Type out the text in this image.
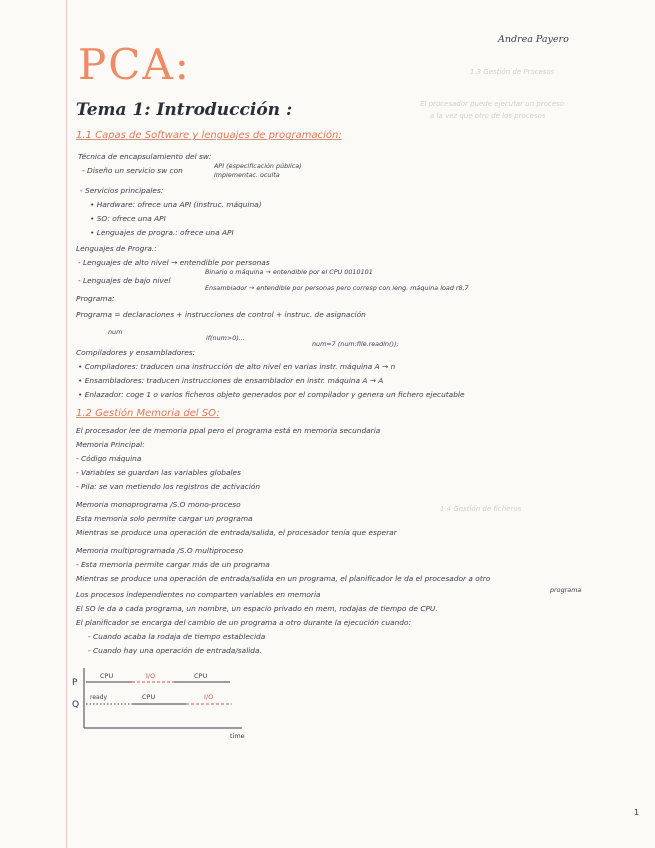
1.3 Gestión de Procesos
El procesador puede ejecutar un proceso
a la vez que otro de los procesos
1.4 Gestión de ficheros
Andrea Payero
PCA:
Tema 1: Introducción :
1.1 Capas de Software y lenguajes de programación:
Técnica de encapsulamiento del sw:
- Diseño un servicio sw con	API (especificación pública)
implementac. oculta
- Servicios principales:
• Hardware: ofrece una API (instruc. máquina)
• SO: ofrece una API
• Lenguajes de progra.: ofrece una API
Lenguajes de Progra.:
- Lenguajes de alto nivel → entendible por personas
- Lenguajes de bajo nivel
Binario o máquina → entendible por el CPU 0010101
Ensamblador → entendible por personas pero corresp con leng. máquina load r8,7
Programa:
Programa = declaraciones + instrucciones de control + instruc. de asignación
num
if(num>0)...
num=7 (num:file.readln());
Compiladores y ensambladores:
• Compiladores: traducen una instrucción de alto nivel en varias instr. máquina A → n
• Ensambladores: traducen instrucciones de ensamblador en instr. máquina A → A
• Enlazador: coge 1 o varios ficheros objeto generados por el compilador y genera un fichero ejecutable
1.2 Gestión Memoria del SO:
El procesador lee de memoria ppal pero el programa está en memoria secundaria
Memoria Principal:
- Código máquina
- Variables se guardan las variables globales
- Pila: se van metiendo los registros de activación
Memoria monoprograma /S.O mono-proceso
Esta memoria solo permite cargar un programa
Mientras se produce una operación de entrada/salida, el procesador tenía que esperar
Memoria multiprogramada /S.O multiproceso
- Esta memoria permite cargar más de un programa
Mientras se produce una operación de entrada/salida en un programa, el planificador le da el procesador a otro
programa
Los procesos independientes no comparten variables en memoria
El SO le da a cada programa, un nombre, un espacio privado en mem, rodajas de tiempo de CPU.
El planificador se encarga del cambio de un programa a otro durante la ejecución cuando:
- Cuando acaba la rodaja de tiempo establecida
- Cuando hay una operación de entrada/salida.
P
Q
CPU	I/O	CPU
ready	CPU	I/O
time
1
